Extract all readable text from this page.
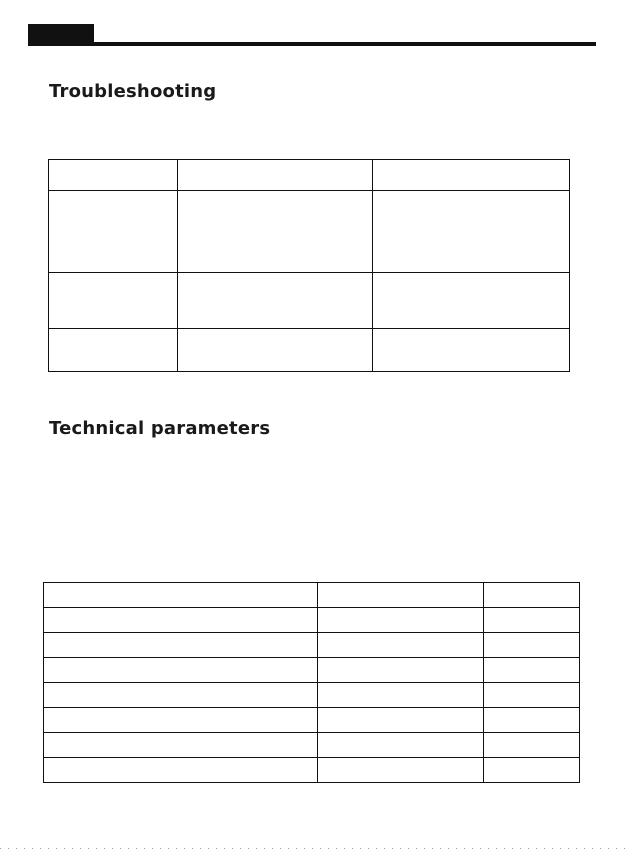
Troubleshooting

Technical parameters
